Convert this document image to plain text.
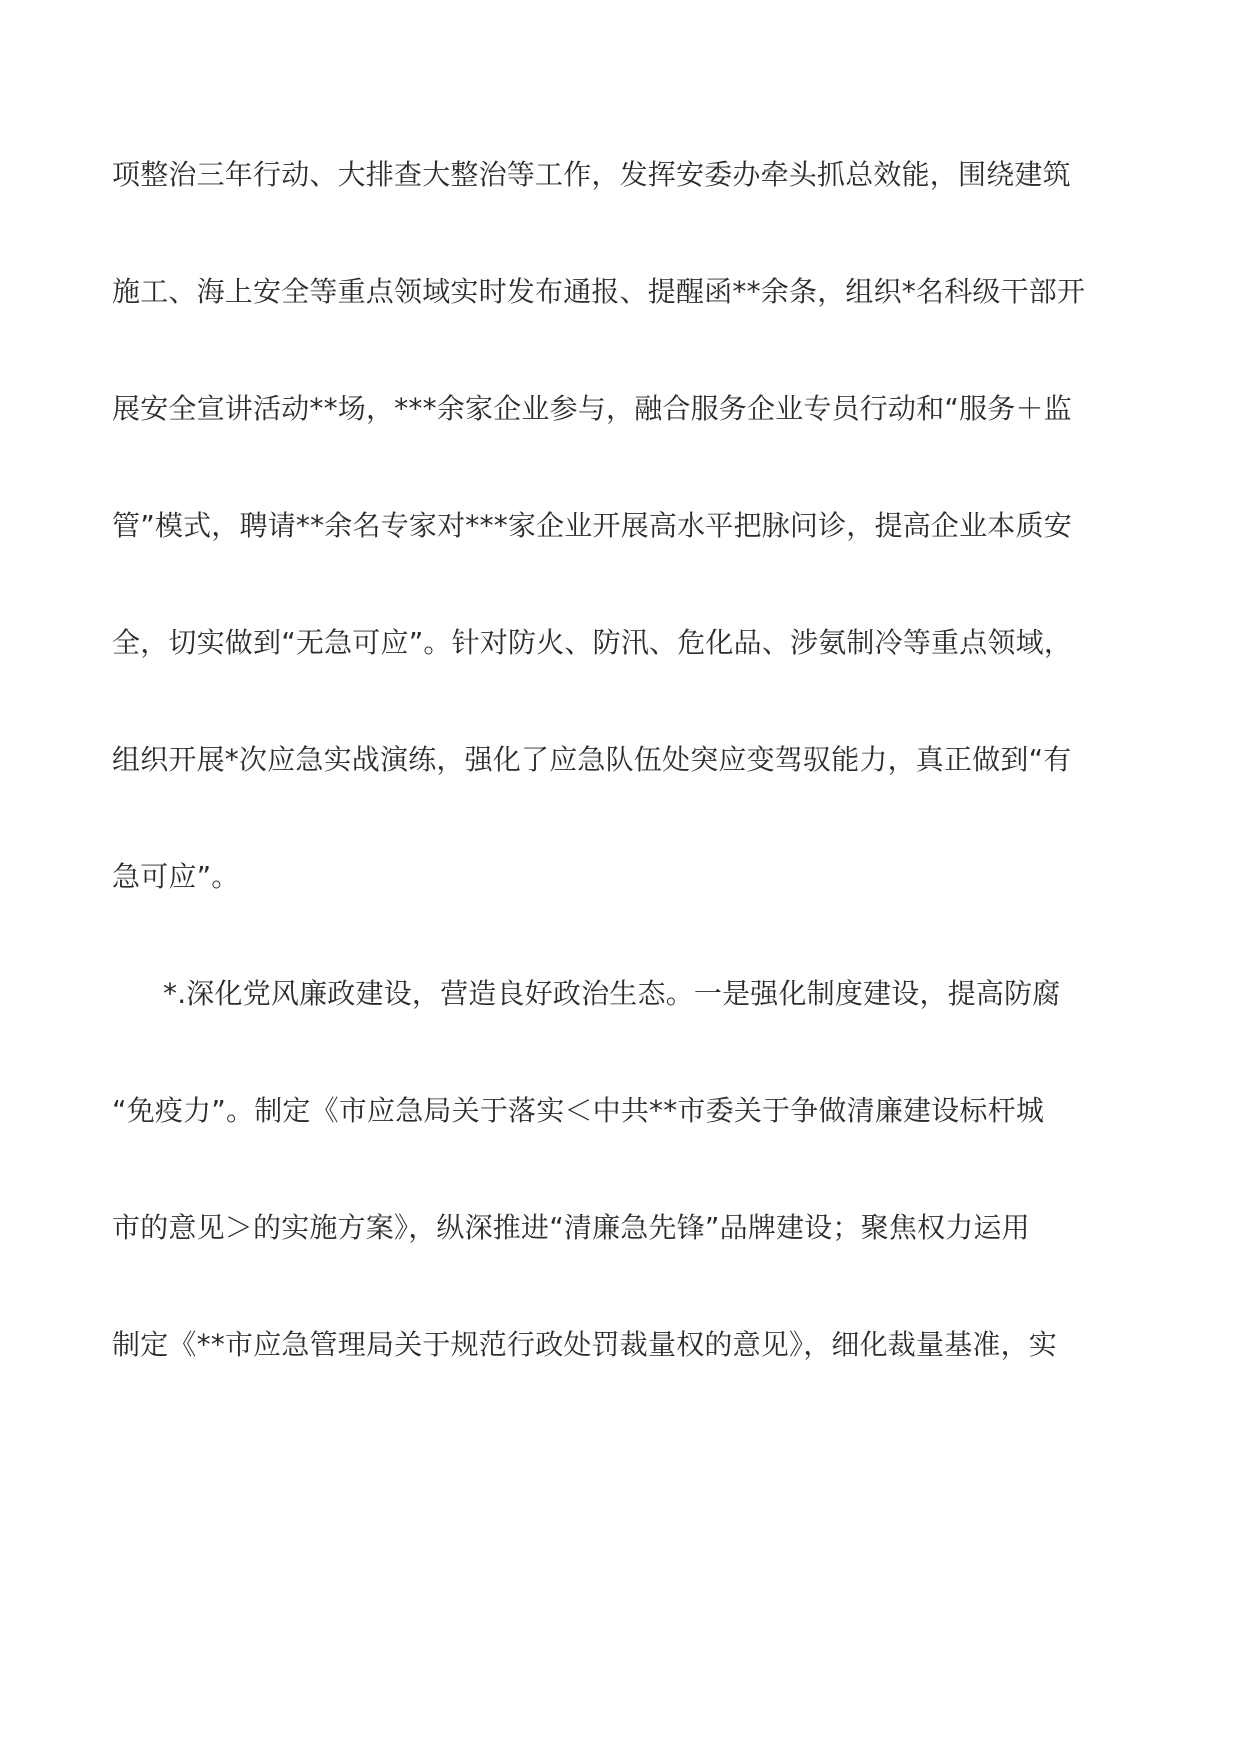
项整治三年行动、大排查大整治等工作，发挥安委办牵头抓总效能，围绕建筑
施工、海上安全等重点领域实时发布通报、提醒函**余条，组织*名科级干部开
展安全宣讲活动**场，***余家企业参与，融合服务企业专员行动和“服务＋监
管”模式，聘请**余名专家对***家企业开展高水平把脉问诊，提高企业本质安
全，切实做到“无急可应”。针对防火、防汛、危化品、涉氨制冷等重点领域，
组织开展*次应急实战演练，强化了应急队伍处突应变驾驭能力，真正做到“有
急可应”。
*.深化党风廉政建设，营造良好政治生态。一是强化制度建设，提高防腐
“免疫力”。制定《市应急局关于落实＜中共**市委关于争做清廉建设标杆城
市的意见＞的实施方案》，纵深推进“清廉急先锋”品牌建设；聚焦权力运用
制定《**市应急管理局关于规范行政处罚裁量权的意见》，细化裁量基准，实
